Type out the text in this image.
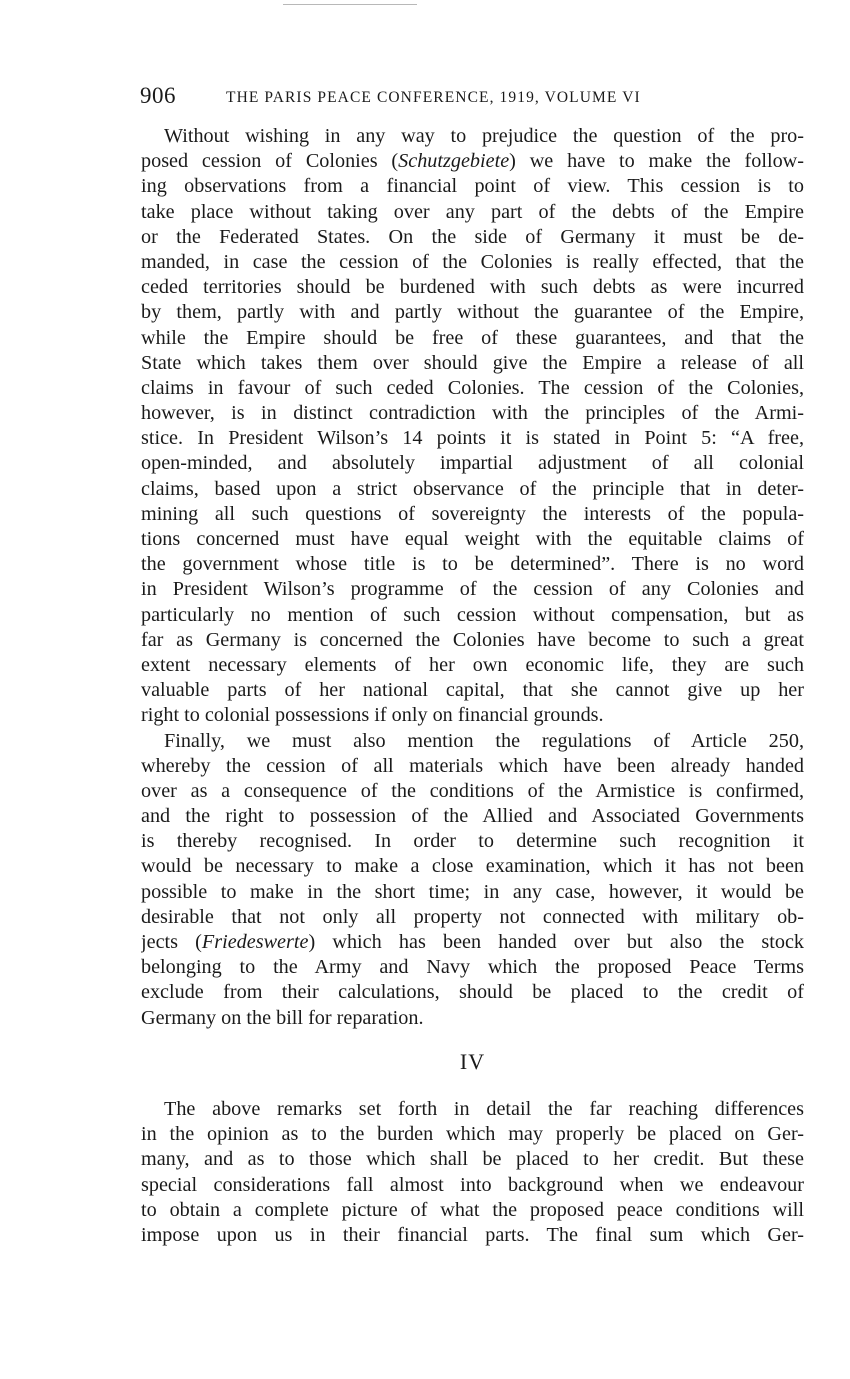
906	THE PARIS PEACE CONFERENCE, 1919, VOLUME VI
Without wishing in any way to prejudice the question of the pro-
posed cession of Colonies (Schutzgebiete) we have to make the follow-
ing observations from a financial point of view. This cession is to
take place without taking over any part of the debts of the Empire
or the Federated States. On the side of Germany it must be de-
manded, in case the cession of the Colonies is really effected, that the
ceded territories should be burdened with such debts as were incurred
by them, partly with and partly without the guarantee of the Empire,
while the Empire should be free of these guarantees, and that the
State which takes them over should give the Empire a release of all
claims in favour of such ceded Colonies. The cession of the Colonies,
however, is in distinct contradiction with the principles of the Armi-
stice. In President Wilson’s 14 points it is stated in Point 5: “A free,
open-minded, and absolutely impartial adjustment of all colonial
claims, based upon a strict observance of the principle that in deter-
mining all such questions of sovereignty the interests of the popula-
tions concerned must have equal weight with the equitable claims of
the government whose title is to be determined”. There is no word
in President Wilson’s programme of the cession of any Colonies and
particularly no mention of such cession without compensation, but as
far as Germany is concerned the Colonies have become to such a great
extent necessary elements of her own economic life, they are such
valuable parts of her national capital, that she cannot give up her
right to colonial possessions if only on financial grounds.
Finally, we must also mention the regulations of Article 250,
whereby the cession of all materials which have been already handed
over as a consequence of the conditions of the Armistice is confirmed,
and the right to possession of the Allied and Associated Governments
is thereby recognised. In order to determine such recognition it
would be necessary to make a close examination, which it has not been
possible to make in the short time; in any case, however, it would be
desirable that not only all property not connected with military ob-
jects (Friedeswerte) which has been handed over but also the stock
belonging to the Army and Navy which the proposed Peace Terms
exclude from their calculations, should be placed to the credit of
Germany on the bill for reparation.
IV
The above remarks set forth in detail the far reaching differences
in the opinion as to the burden which may properly be placed on Ger-
many, and as to those which shall be placed to her credit. But these
special considerations fall almost into background when we endeavour
to obtain a complete picture of what the proposed peace conditions will
impose upon us in their financial parts. The final sum which Ger-
